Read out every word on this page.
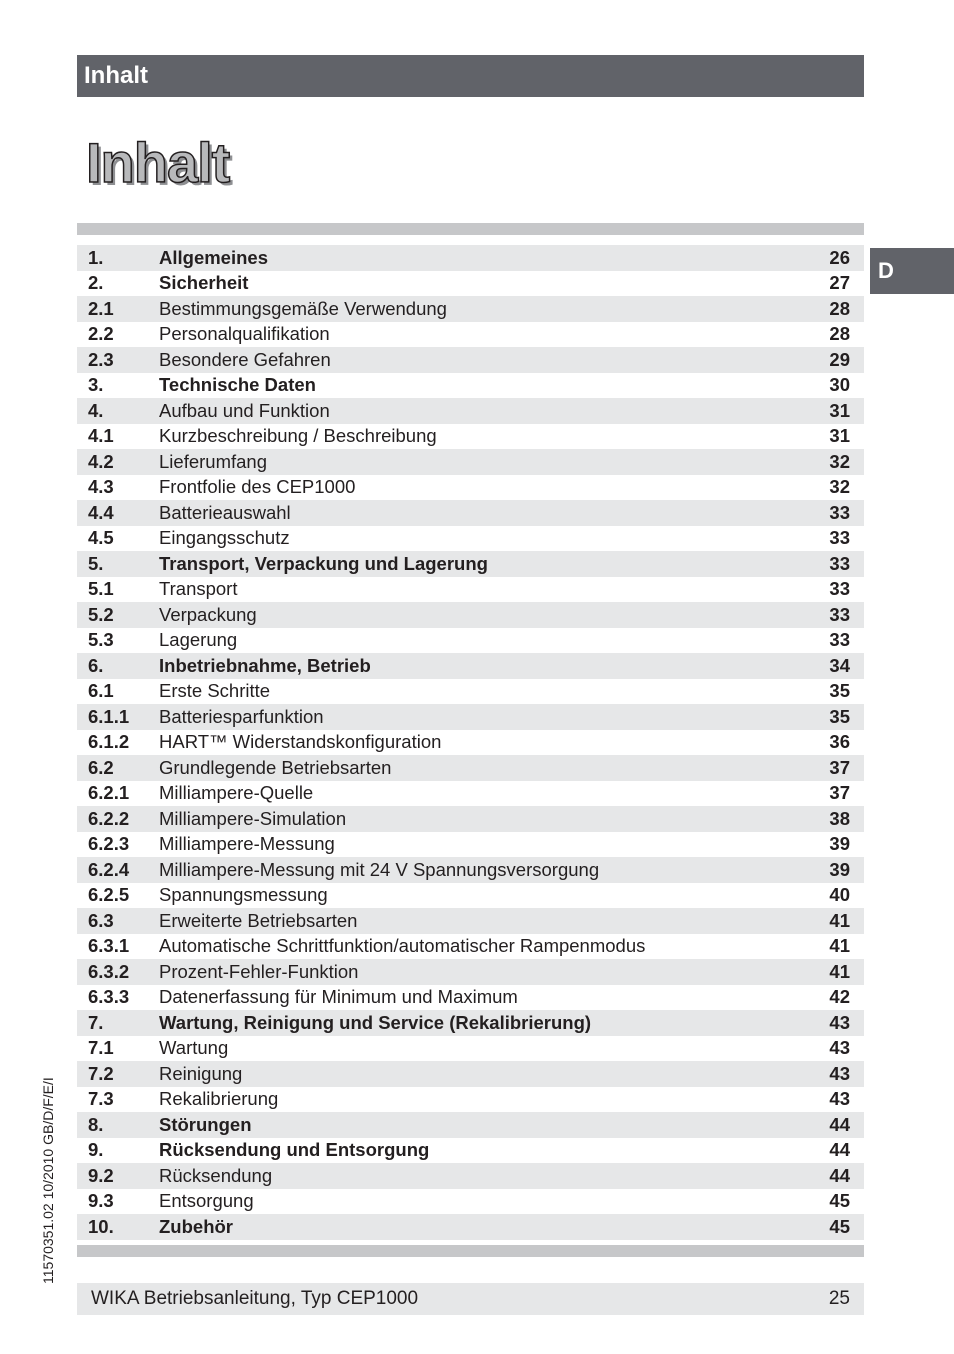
Inhalt
Inhalt
D
1.	Allgemeines	26
2.	Sicherheit	27
2.1	Bestimmungsgemäße Verwendung	28
2.2	Personalqualifikation	28
2.3	Besondere Gefahren	29
3.	Technische Daten	30
4.	Aufbau und Funktion	31
4.1	Kurzbeschreibung / Beschreibung	31
4.2	Lieferumfang	32
4.3	Frontfolie des CEP1000	32
4.4	Batterieauswahl	33
4.5	Eingangsschutz	33
5.	Transport, Verpackung und Lagerung	33
5.1	Transport	33
5.2	Verpackung	33
5.3	Lagerung	33
6.	Inbetriebnahme, Betrieb	34
6.1	Erste Schritte	35
6.1.1	Batteriesparfunktion	35
6.1.2	HART™ Widerstandskonfiguration	36
6.2	Grundlegende Betriebsarten	37
6.2.1	Milliampere-Quelle	37
6.2.2	Milliampere-Simulation	38
6.2.3	Milliampere-Messung	39
6.2.4	Milliampere-Messung mit 24 V Spannungsversorgung	39
6.2.5	Spannungsmessung	40
6.3	Erweiterte Betriebsarten	41
6.3.1	Automatische Schrittfunktion/automatischer Rampenmodus	41
6.3.2	Prozent-Fehler-Funktion	41
6.3.3	Datenerfassung für Minimum und Maximum	42
7.	Wartung, Reinigung und Service (Rekalibrierung)	43
7.1	Wartung	43
7.2	Reinigung	43
7.3	Rekalibrierung	43
8.	Störungen	44
9.	Rücksendung und Entsorgung	44
9.2	Rücksendung	44
9.3	Entsorgung	45
10.	Zubehör	45
11570351.02 10/2010 GB/D/F/E/I
WIKA Betriebsanleitung, Typ CEP1000	25
